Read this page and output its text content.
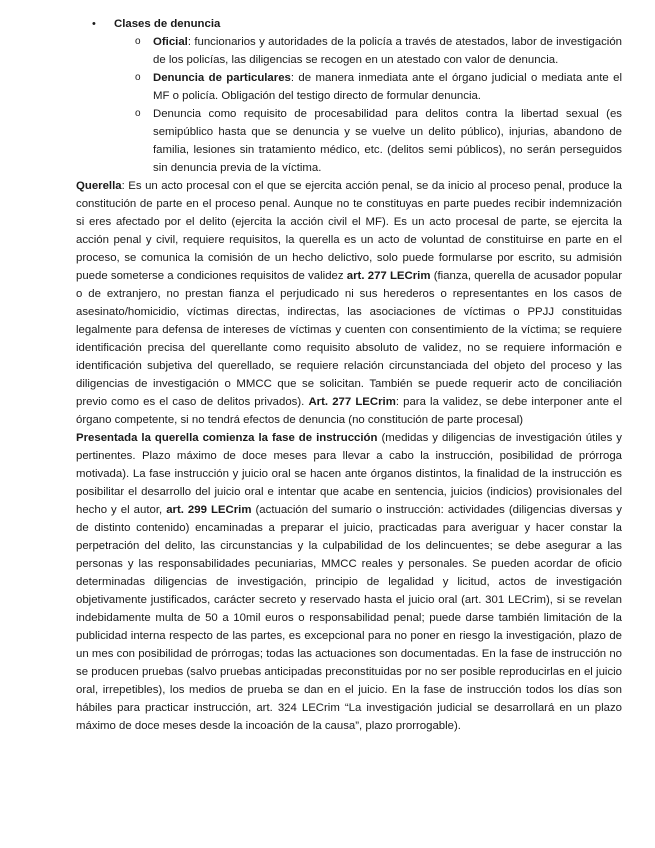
• Clases de denuncia
o Oficial: funcionarios y autoridades de la policía a través de atestados, labor de investigación de los policías, las diligencias se recogen en un atestado con valor de denuncia.
o Denuncia de particulares: de manera inmediata ante el órgano judicial o mediata ante el MF o policía. Obligación del testigo directo de formular denuncia.
o Denuncia como requisito de procesabilidad para delitos contra la libertad sexual (es semipúblico hasta que se denuncia y se vuelve un delito público), injurias, abandono de familia, lesiones sin tratamiento médico, etc. (delitos semi públicos), no serán perseguidos sin denuncia previa de la víctima.

Querella: Es un acto procesal con el que se ejercita acción penal, se da inicio al proceso penal, produce la constitución de parte en el proceso penal. Aunque no te constituyas en parte puedes recibir indemnización si eres afectado por el delito (ejercita la acción civil el MF). Es un acto procesal de parte, se ejercita la acción penal y civil, requiere requisitos, la querella es un acto de voluntad de constituirse en parte en el proceso, se comunica la comisión de un hecho delictivo, solo puede formularse por escrito, su admisión puede someterse a condiciones requisitos de validez art. 277 LECrim (fianza, querella de acusador popular o de extranjero, no prestan fianza el perjudicado ni sus herederos o representantes en los casos de asesinato/homicidio, víctimas directas, indirectas, las asociaciones de víctimas o PPJJ constituidas legalmente para defensa de intereses de víctimas y cuenten con consentimiento de la víctima; se requiere identificación precisa del querellante como requisito absoluto de validez, no se requiere información e identificación subjetiva del querellado, se requiere relación circunstanciada del objeto del proceso y las diligencias de investigación o MMCC que se solicitan. También se puede requerir acto de conciliación previo como es el caso de delitos privados). Art. 277 LECrim: para la validez, se debe interponer ante el órgano competente, si no tendrá efectos de denuncia (no constitución de parte procesal)

Presentada la querella comienza la fase de instrucción (medidas y diligencias de investigación útiles y pertinentes. Plazo máximo de doce meses para llevar a cabo la instrucción, posibilidad de prórroga motivada). La fase instrucción y juicio oral se hacen ante órganos distintos, la finalidad de la instrucción es posibilitar el desarrollo del juicio oral e intentar que acabe en sentencia, juicios (indicios) provisionales del hecho y el autor, art. 299 LECrim (actuación del sumario o instrucción: actividades (diligencias diversas y de distinto contenido) encaminadas a preparar el juicio, practicadas para averiguar y hacer constar la perpetración del delito, las circunstancias y la culpabilidad de los delincuentes; se debe asegurar a las personas y las responsabilidades pecuniarias, MMCC reales y personales. Se pueden acordar de oficio determinadas diligencias de investigación, principio de legalidad y licitud, actos de investigación objetivamente justificados, carácter secreto y reservado hasta el juicio oral (art. 301 LECrim), si se revelan indebidamente multa de 50 a 10mil euros o responsabilidad penal; puede darse también limitación de la publicidad interna respecto de las partes, es excepcional para no poner en riesgo la investigación, plazo de un mes con posibilidad de prórrogas; todas las actuaciones son documentadas. En la fase de instrucción no se producen pruebas (salvo pruebas anticipadas preconstituidas por no ser posible reproducirlas en el juicio oral, irrepetibles), los medios de prueba se dan en el juicio. En la fase de instrucción todos los días son hábiles para practicar instrucción, art. 324 LECrim “La investigación judicial se desarrollará en un plazo máximo de doce meses desde la incoación de la causa”, plazo prorrogable).
